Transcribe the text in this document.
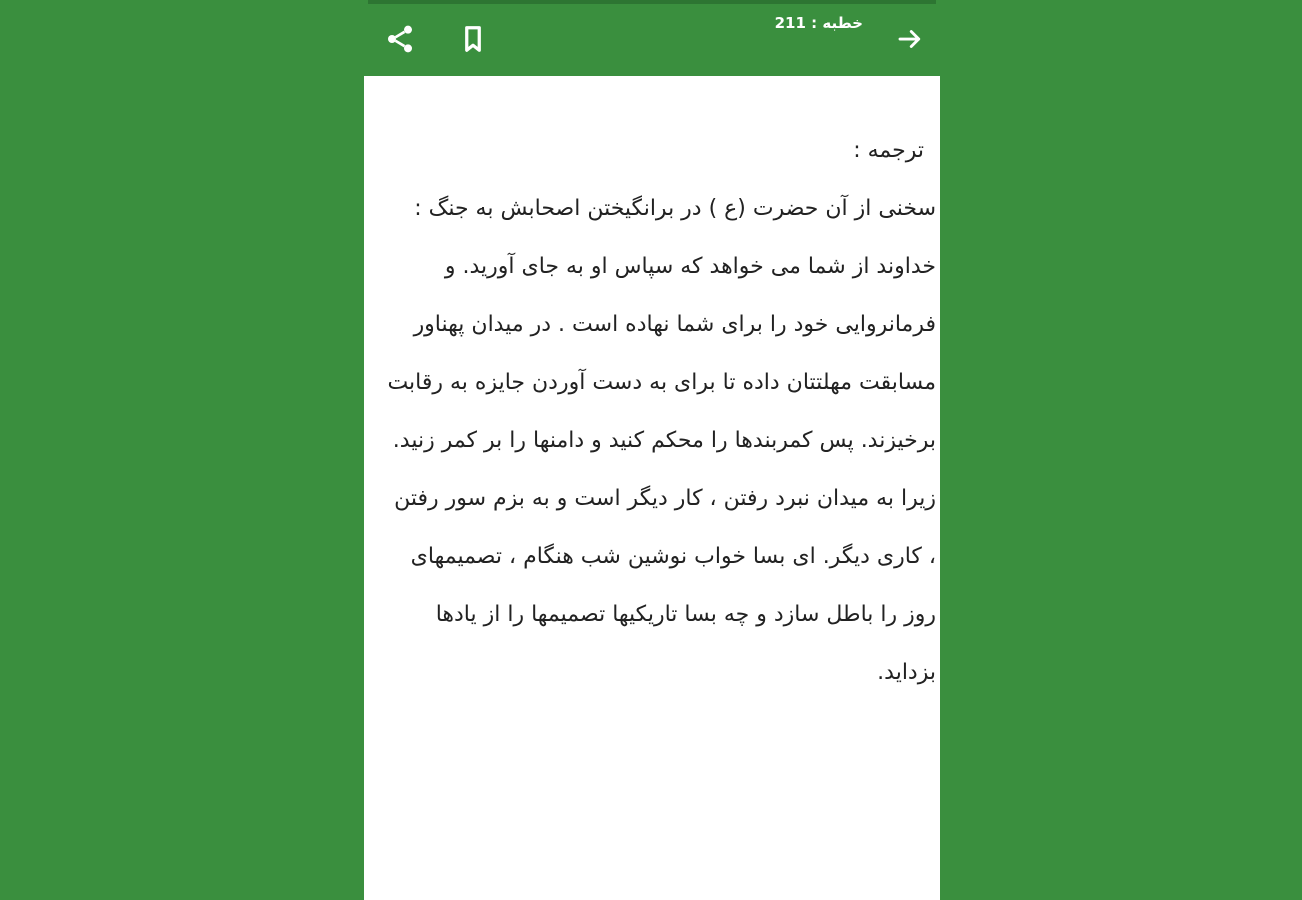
خطبه : 211

ترجمه :

سخنی از آن حضرت (ع ) در برانگیختن اصحابش به جنگ :

خداوند از شما می خواهد که سپاس او به جای آورید. و فرمانروایی خود را برای شما نهاده است . در میدان پهناور مسابقت مهلتتان داده تا برای به دست آوردن جایزه به رقابت برخیزند. پس کمربندها را محکم کنید و دامنها را بر کمر زنید. زیرا به میدان نبرد رفتن ، کار دیگر است و به بزم سور رفتن ، کاری دیگر. ای بسا خواب نوشین شب هنگام ، تصمیمهای روز را باطل سازد و چه بسا تاریکیها تصمیمها را از یادها بزداید.
